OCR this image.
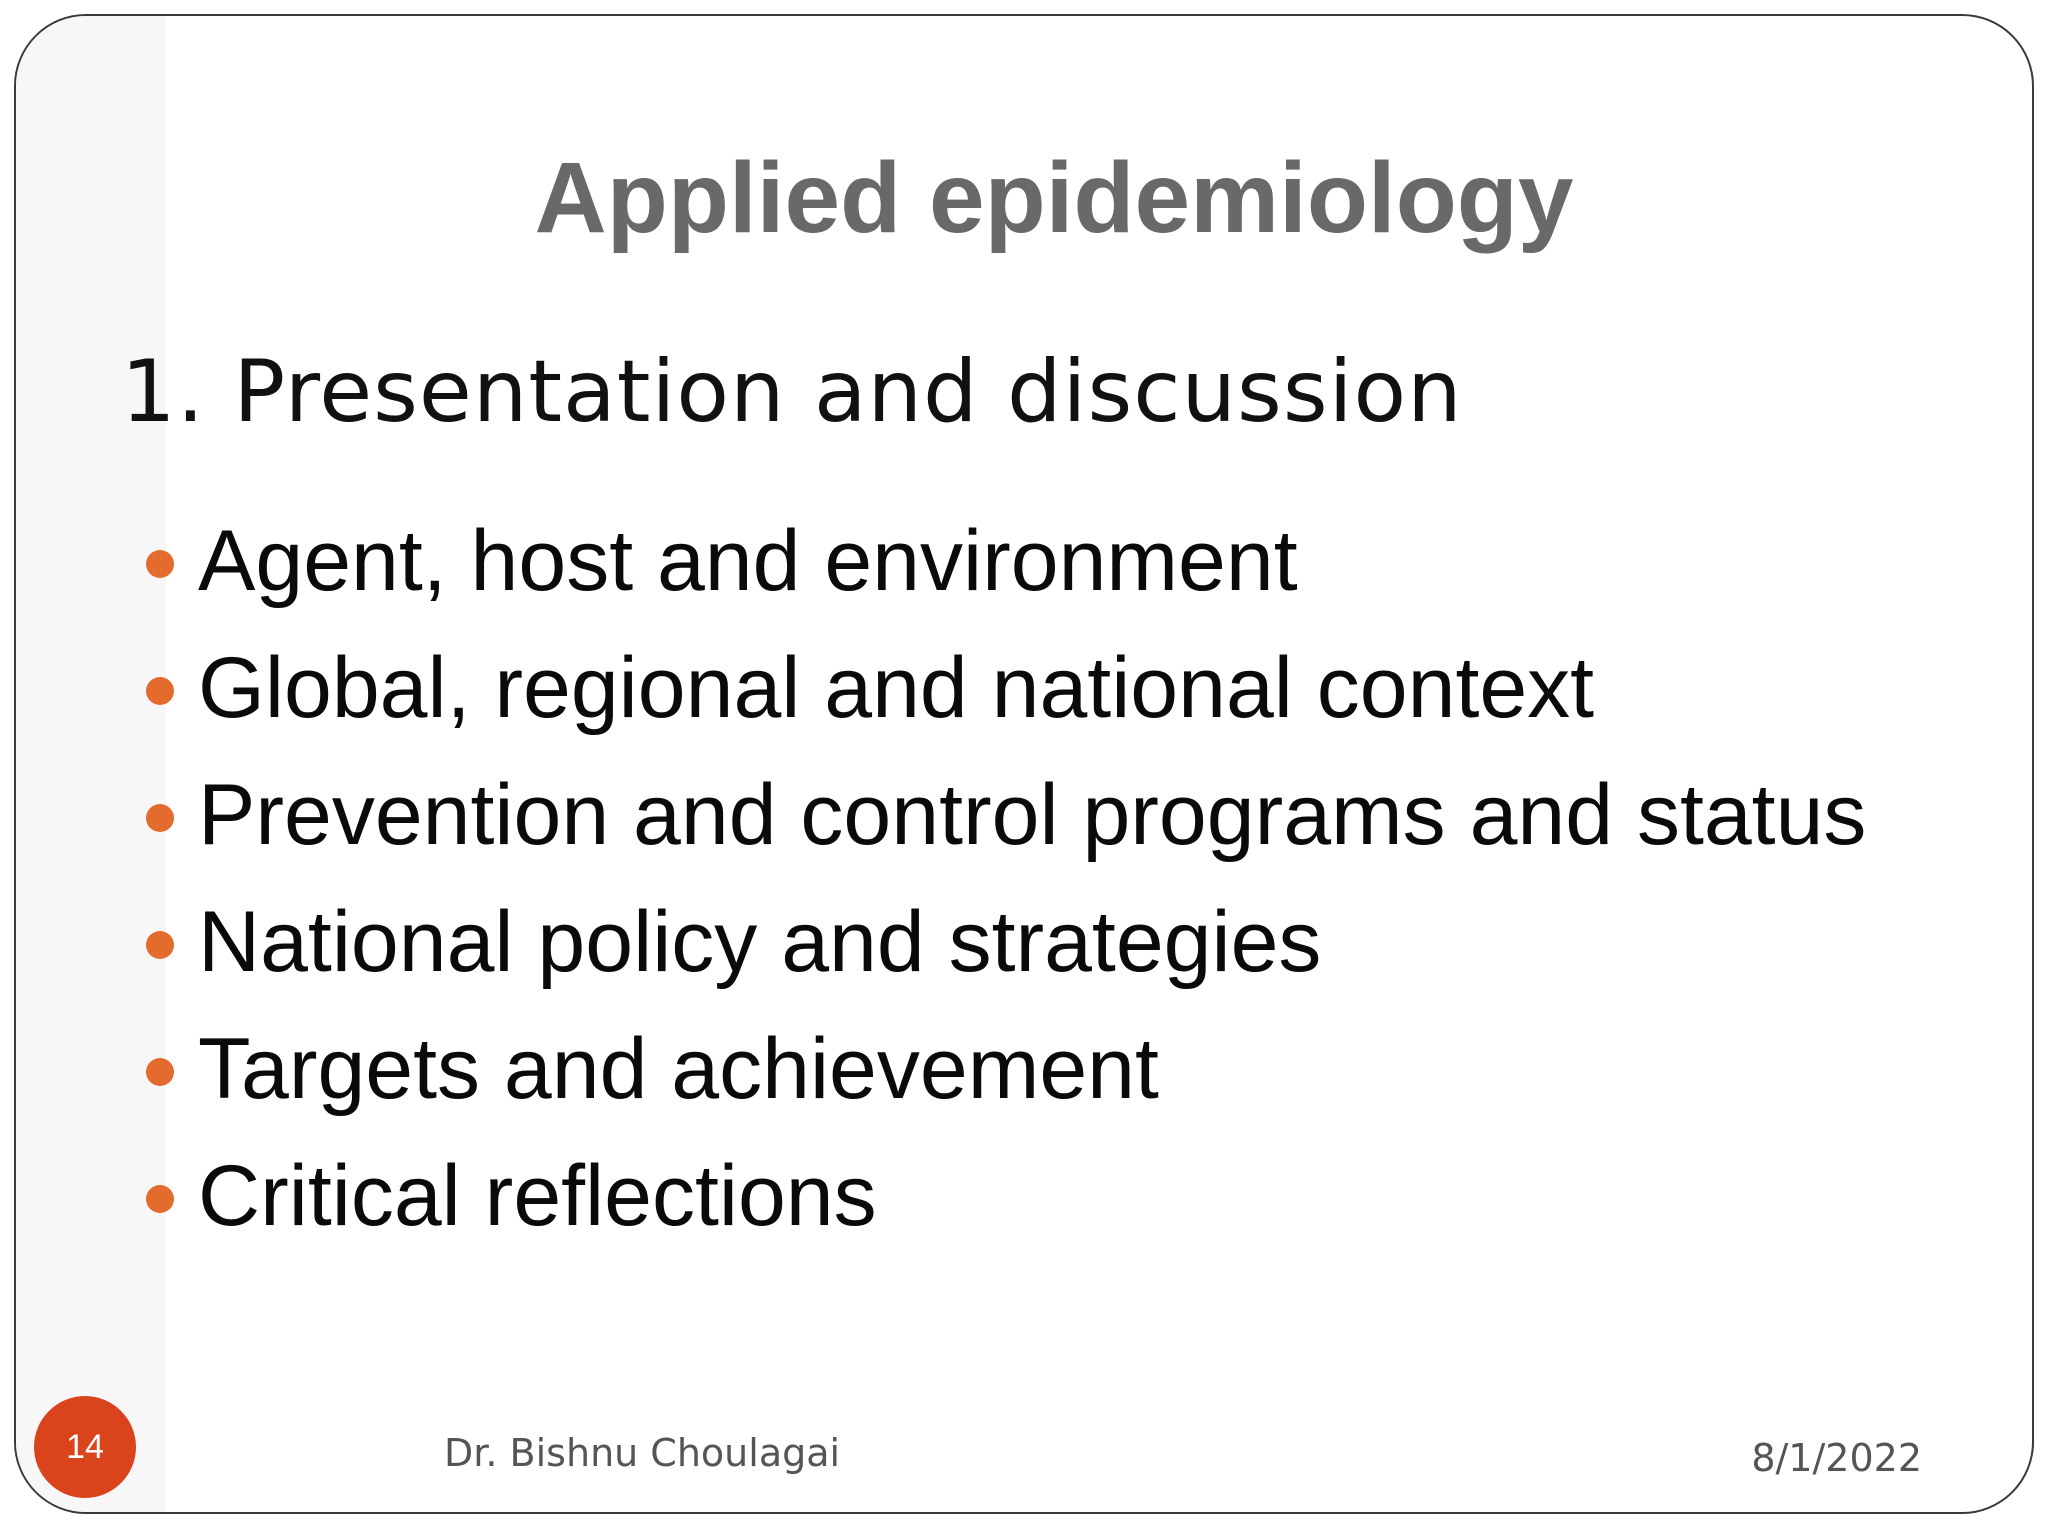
Applied epidemiology
1. Presentation and discussion
Agent, host and environment
Global, regional and national context
Prevention and control programs and status
National policy and strategies
Targets and achievement
Critical reflections
14	Dr. Bishnu Choulagai	8/1/2022
